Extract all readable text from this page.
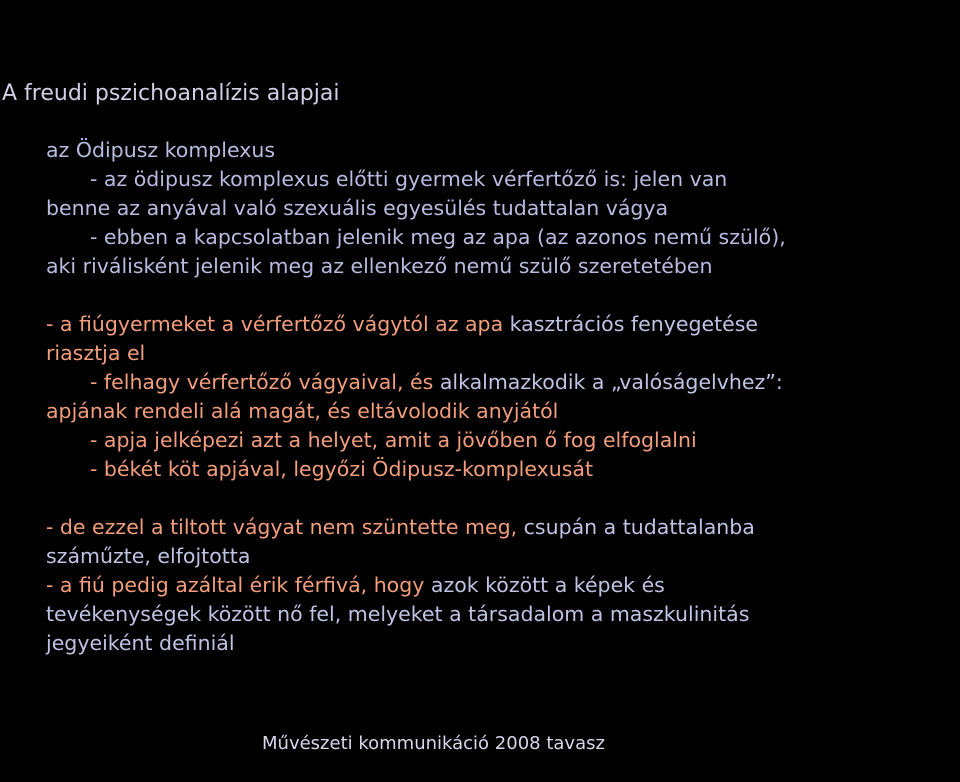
A freudi pszichoanalízis alapjai
az Ödipusz komplexus
- az ödipusz komplexus előtti gyermek vérfertőző is: jelen van
benne az anyával való szexuális egyesülés tudattalan vágya
- ebben a kapcsolatban jelenik meg az apa (az azonos nemű szülő),
aki riválisként jelenik meg az ellenkező nemű szülő szeretetében
- a fiúgyermeket a vérfertőző vágytól az apa kasztrációs fenyegetése
riasztja el
- felhagy vérfertőző vágyaival, és alkalmazkodik a „valóságelvhez”:
apjának rendeli alá magát, és eltávolodik anyjától
- apja jelképezi azt a helyet, amit a jövőben ő fog elfoglalni
- békét köt apjával, legyőzi Ödipusz-komplexusát
- de ezzel a tiltott vágyat nem szüntette meg, csupán a tudattalanba
száműzte, elfojtotta
- a fiú pedig azáltal érik férfivá, hogy azok között a képek és
tevékenységek között nő fel, melyeket a társadalom a maszkulinitás
jegyeiként definiál
Művészeti kommunikáció 2008 tavasz
